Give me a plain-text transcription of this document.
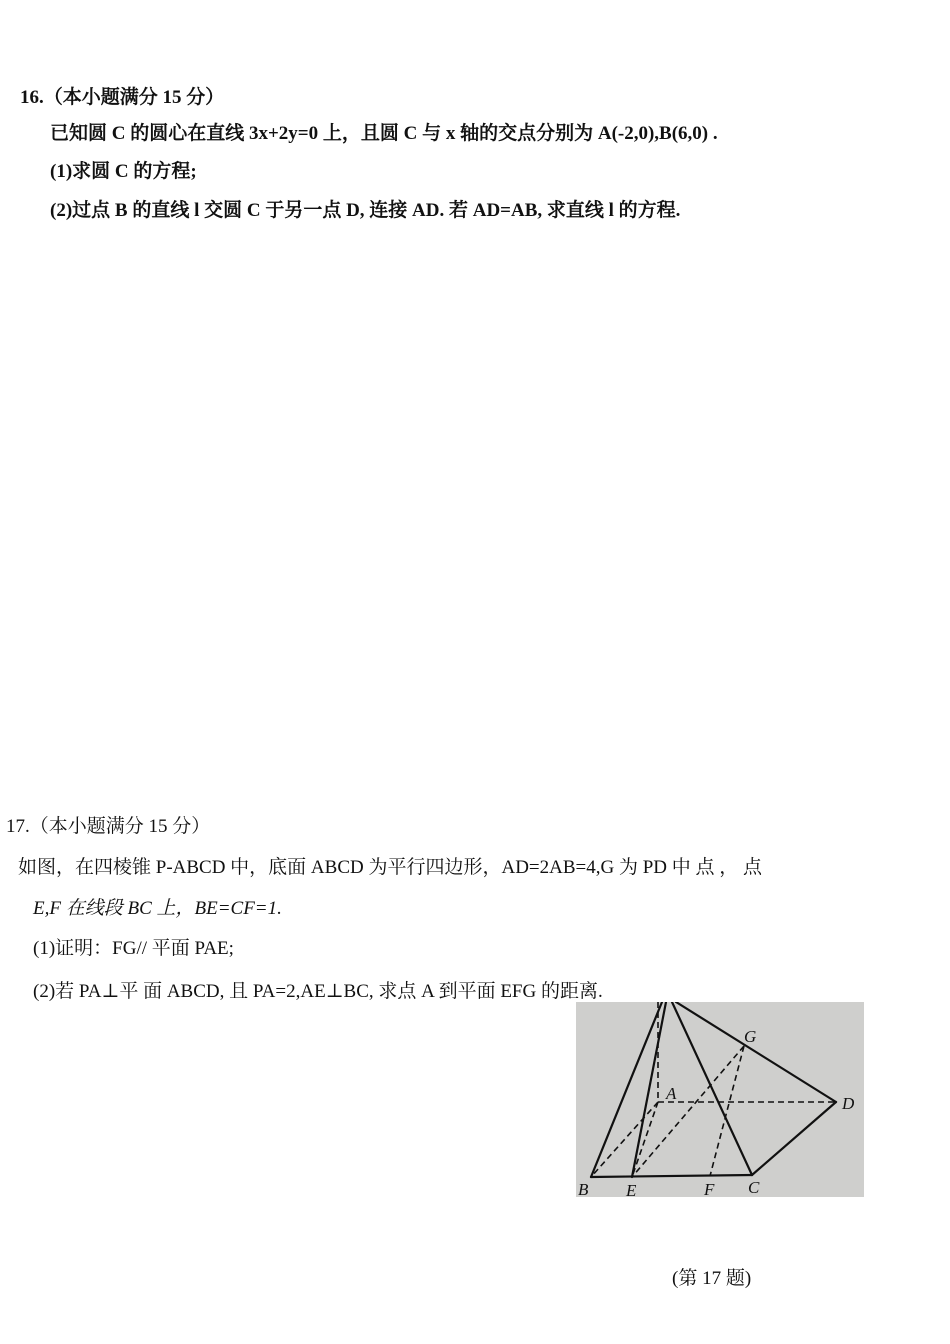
16.（本小题满分 15 分）
已知圆 C 的圆心在直线 3x+2y=0 上，且圆 C 与 x 轴的交点分别为 A(-2,0),B(6,0) .
(1)求圆 C 的方程;
(2)过点 B 的直线 l 交圆 C 于另一点 D, 连接 AD. 若 AD=AB, 求直线 l 的方程.
17.（本小题满分 15 分）
如图，在四棱锥 P-ABCD 中，底面 ABCD 为平行四边形，AD=2AB=4,G 为 PD 中 点 ， 点
E,F 在线段 BC 上，BE=CF=1.
(1)证明：FG// 平面 PAE;
(2)若 PA⊥平 面 ABCD, 且 PA=2,AE⊥BC, 求点 A 到平面 EFG 的距离.
A
B E	F C
D
G
(第 17 题)
